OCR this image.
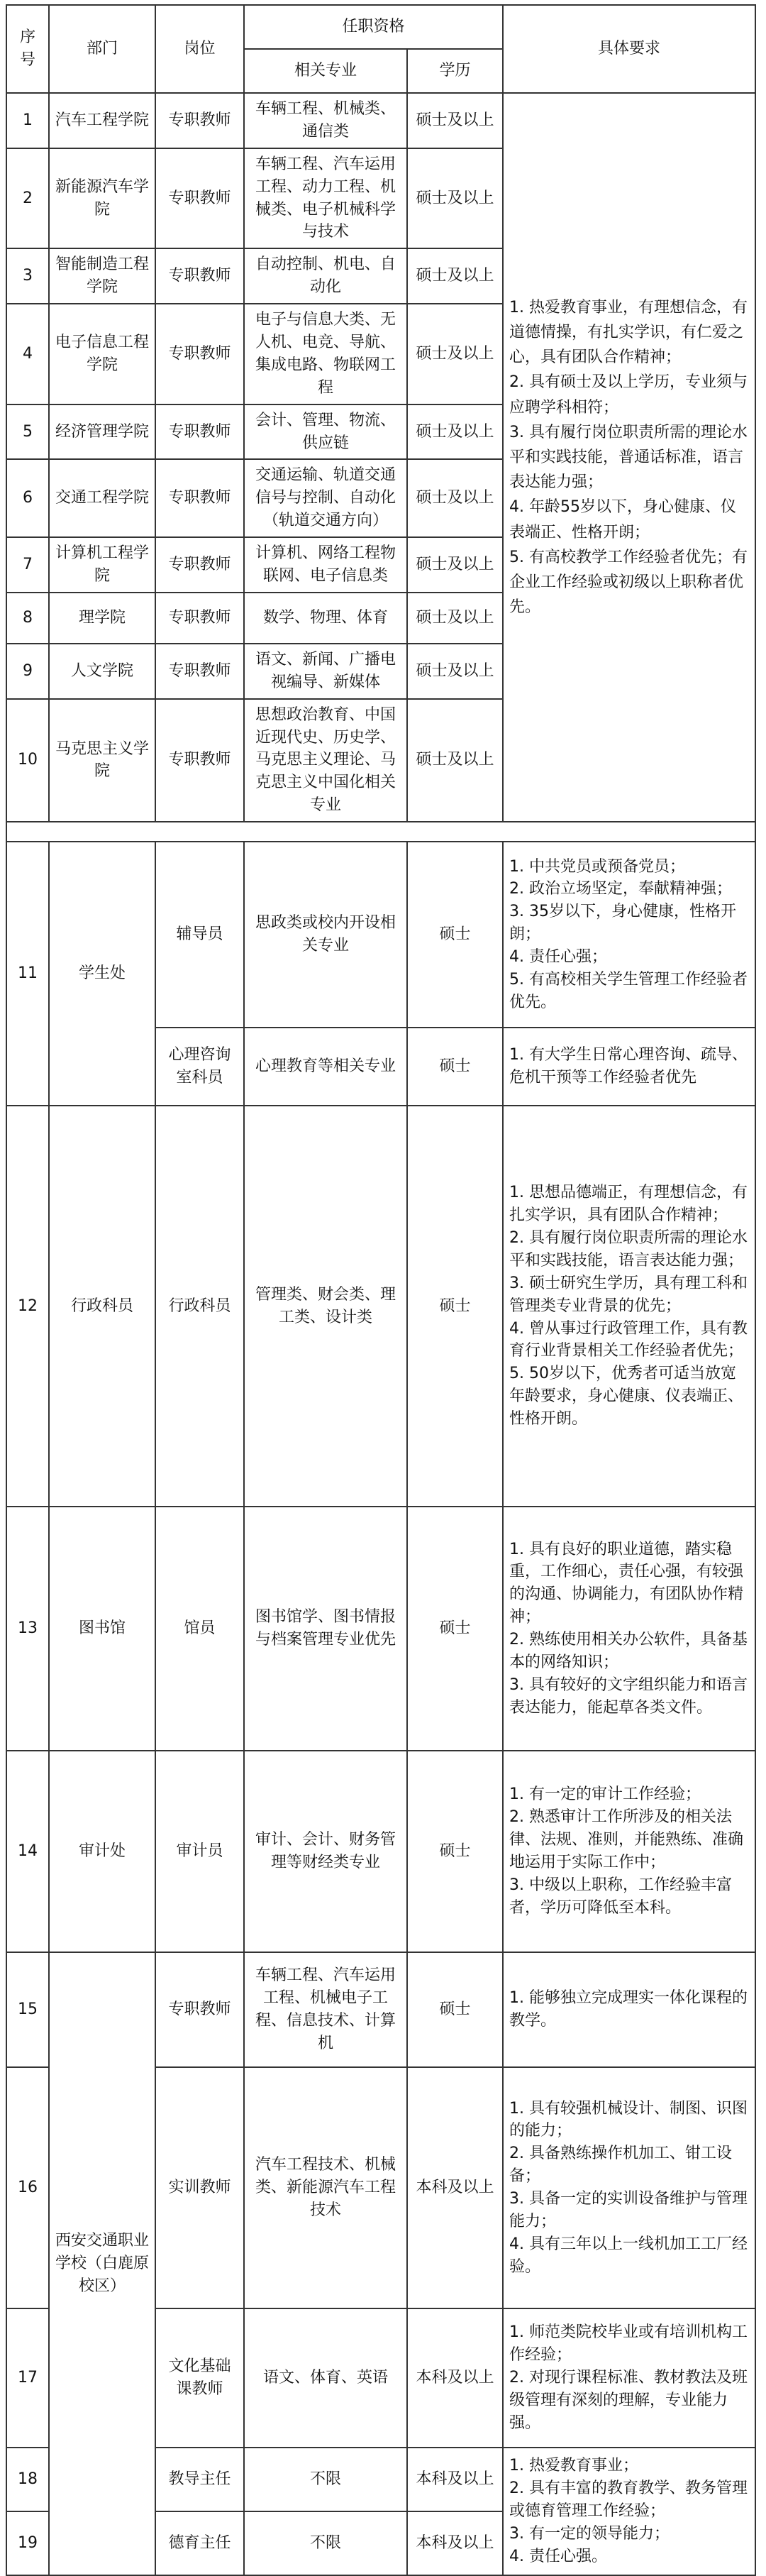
序号	部门	岗位	任职资格		具体要求
			相关专业	学历	
1	汽车工程学院	专职教师	车辆工程、机械类、通信类	硕士及以上	1. 热爱教育事业，有理想信念，有道德情操，有扎实学识，有仁爱之心，具有团队合作精神；
2. 具有硕士及以上学历，专业须与应聘学科相符；
3. 具有履行岗位职责所需的理论水平和实践技能，普通话标准，语言表达能力强；
4. 年龄55岁以下，身心健康、仪表端正、性格开朗；
5. 有高校教学工作经验者优先；有企业工作经验或初级以上职称者优先。

2	新能源汽车学院	专职教师	车辆工程、汽车运用工程、动力工程、机械类、电子机械科学与技术	硕士及以上	
3	智能制造工程学院	专职教师	自动控制、机电、自动化	硕士及以上	
4	电子信息工程学院	专职教师	电子与信息大类、无人机、电竞、导航、集成电路、物联网工程	硕士及以上	
5	经济管理学院	专职教师	会计、管理、物流、供应链	硕士及以上	
6	交通工程学院	专职教师	交通运输、轨道交通信号与控制、自动化（轨道交通方向）	硕士及以上	
7	计算机工程学院	专职教师	计算机、网络工程物联网、电子信息类	硕士及以上	
8	理学院	专职教师	数学、物理、体育	硕士及以上	
9	人文学院	专职教师	语文、新闻、广播电视编导、新媒体	硕士及以上	
10	马克思主义学院	专职教师	思想政治教育、中国近现代史、历史学、马克思主义理论、马克思主义中国化相关专业	硕士及以上	

11	学生处	辅导员	思政类或校内开设相关专业	硕士	1. 中共党员或预备党员；
2. 政治立场坚定，奉献精神强；
3. 35岁以下，身心健康，性格开朗；
4. 责任心强；
5. 有高校相关学生管理工作经验者优先。

		心理咨询室科员	心理教育等相关专业	硕士	1. 有大学生日常心理咨询、疏导、危机干预等工作经验者优先

12	行政科员	行政科员	管理类、财会类、理工类、设计类	硕士	1. 思想品德端正，有理想信念，有扎实学识，具有团队合作精神；
2. 具有履行岗位职责所需的理论水平和实践技能，语言表达能力强；
3. 硕士研究生学历，具有理工科和管理类专业背景的优先；
4. 曾从事过行政管理工作，具有教育行业背景相关工作经验者优先；
5. 50岁以下，优秀者可适当放宽年龄要求，身心健康、仪表端正、性格开朗。

13	图书馆	馆员	图书馆学、图书情报与档案管理专业优先	硕士	1. 具有良好的职业道德，踏实稳重，工作细心，责任心强，有较强的沟通、协调能力，有团队协作精神；
2. 熟练使用相关办公软件，具备基本的网络知识；
3. 具有较好的文字组织能力和语言表达能力，能起草各类文件。

14	审计处	审计员	审计、会计、财务管理等财经类专业	硕士	1. 有一定的审计工作经验；
2. 熟悉审计工作所涉及的相关法律、法规、准则，并能熟练、准确地运用于实际工作中；
3. 中级以上职称，工作经验丰富者，学历可降低至本科。

15	西安交通职业学校（白鹿原校区）	专职教师	车辆工程、汽车运用工程、机械电子工程、信息技术、计算机	硕士	1. 能够独立完成理实一体化课程的教学。

16		实训教师	汽车工程技术、机械类、新能源汽车工程技术	本科及以上	1. 具有较强机械设计、制图、识图的能力；
2. 具备熟练操作机加工、钳工设备；
3. 具备一定的实训设备维护与管理能力；
4. 具有三年以上一线机加工工厂经验。

17		文化基础课教师	语文、体育、英语	本科及以上	1. 师范类院校毕业或有培训机构工作经验；
2. 对现行课程标准、教材教法及班级管理有深刻的理解，专业能力强。

18		教导主任	不限	本科及以上	1. 热爱教育事业；
2. 具有丰富的教育教学、教务管理或德育管理工作经验；
3. 有一定的领导能力；
4. 责任心强。

19		德育主任	不限	本科及以上	
